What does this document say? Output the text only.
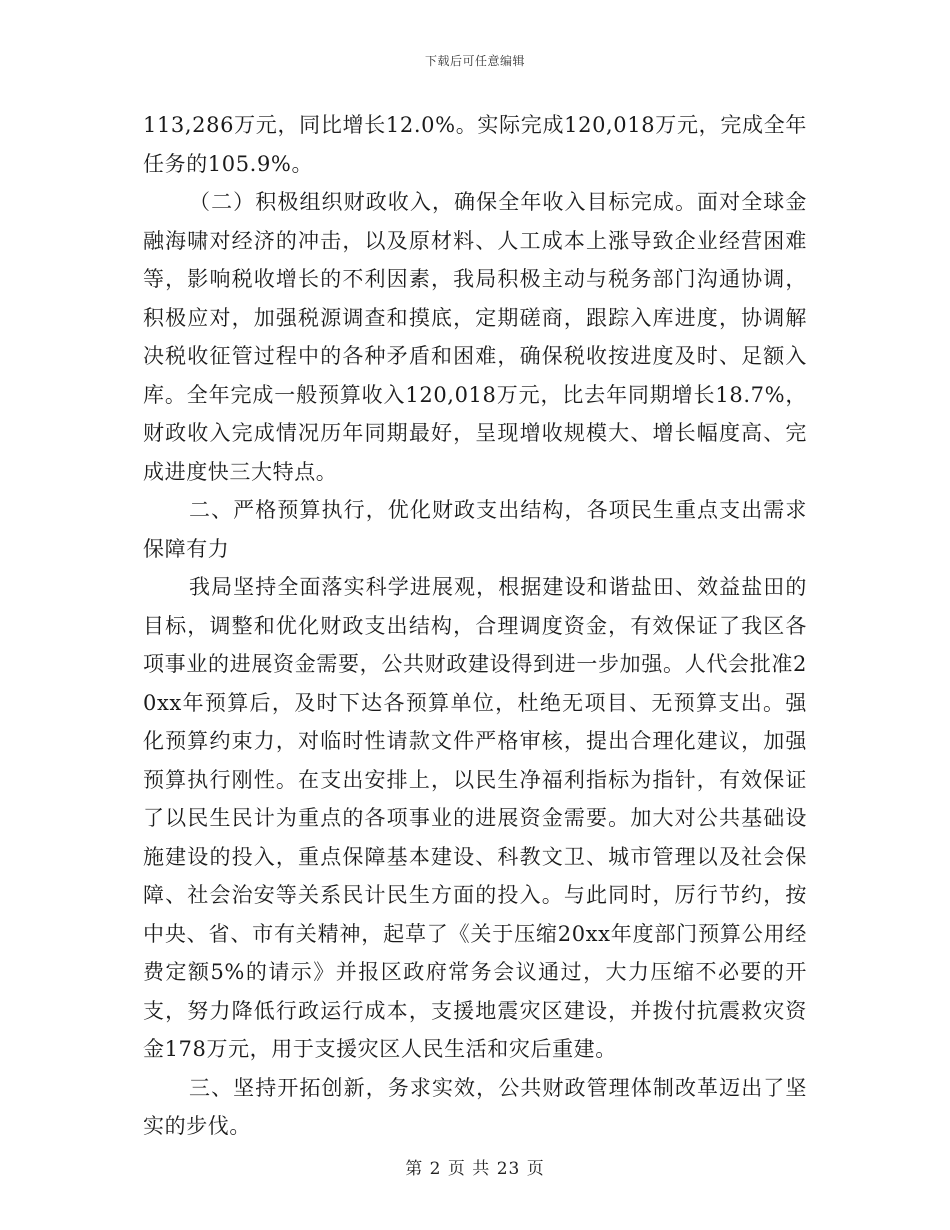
下载后可任意编辑

113,286万元，同比增长12.0%。实际完成120,018万元，完成全年任务的105.9%。

（二）积极组织财政收入，确保全年收入目标完成。面对全球金融海啸对经济的冲击，以及原材料、人工成本上涨导致企业经营困难等，影响税收增长的不利因素，我局积极主动与税务部门沟通协调，积极应对，加强税源调查和摸底，定期磋商，跟踪入库进度，协调解决税收征管过程中的各种矛盾和困难，确保税收按进度及时、足额入库。全年完成一般预算收入120,018万元，比去年同期增长18.7%，财政收入完成情况历年同期最好，呈现增收规模大、增长幅度高、完成进度快三大特点。

二、严格预算执行，优化财政支出结构，各项民生重点支出需求保障有力

我局坚持全面落实科学进展观，根据建设和谐盐田、效益盐田的目标，调整和优化财政支出结构，合理调度资金，有效保证了我区各项事业的进展资金需要，公共财政建设得到进一步加强。人代会批准20xx年预算后，及时下达各预算单位，杜绝无项目、无预算支出。强化预算约束力，对临时性请款文件严格审核，提出合理化建议，加强预算执行刚性。在支出安排上，以民生净福利指标为指针，有效保证了以民生民计为重点的各项事业的进展资金需要。加大对公共基础设施建设的投入，重点保障基本建设、科教文卫、城市管理以及社会保障、社会治安等关系民计民生方面的投入。与此同时，厉行节约，按中央、省、市有关精神，起草了《关于压缩20xx年度部门预算公用经费定额5%的请示》并报区政府常务会议通过，大力压缩不必要的开支，努力降低行政运行成本，支援地震灾区建设，并拨付抗震救灾资金178万元，用于支援灾区人民生活和灾后重建。

三、坚持开拓创新，务求实效，公共财政管理体制改革迈出了坚实的步伐。

第 2 页 共 23 页
